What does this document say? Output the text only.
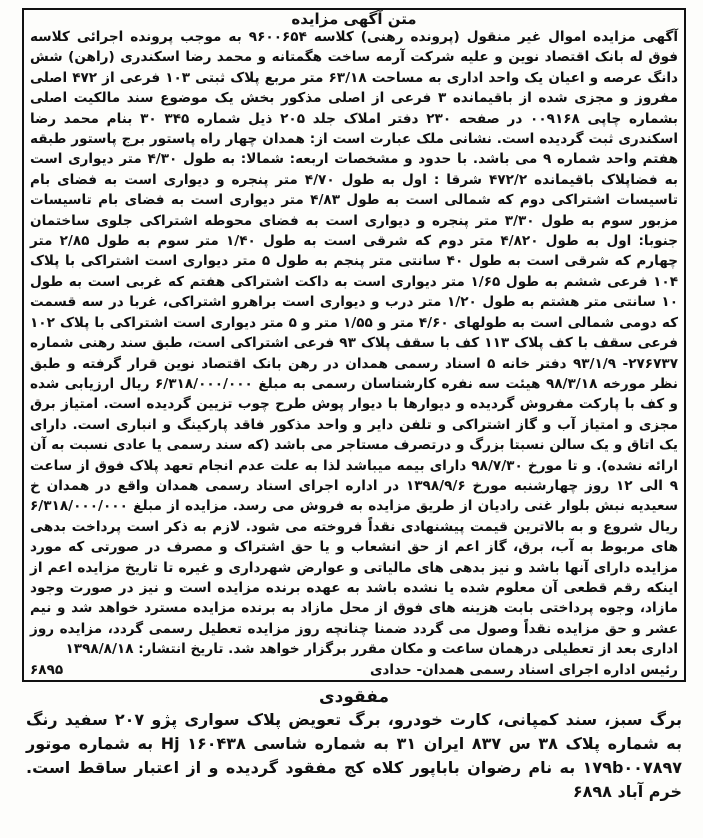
متن آگهی مزایده

آگهی مزایده اموال غیر منقول (پرونده رهنی) کلاسه ۹۶۰۰۶۵۴ به موجب پرونده اجرائی کلاسه فوق له بانک اقتصاد نوین و علیه شرکت آرمه ساخت هگمتانه و محمد رضا اسکندری (راهن) شش دانگ عرصه و اعیان یک واحد اداری به مساحت ۶۳/۱۸ متر مربع پلاک ثبتی ۱۰۳ فرعی از ۴۷۲ اصلی مفروز و مجزی شده از باقیمانده ۳ فرعی از اصلی مذکور بخش یک موضوع سند مالکیت اصلی بشماره چاپی ۰۰۹۱۶۸ در صفحه ۲۳۰ دفتر املاک جلد ۲۰۵ ذیل شماره ۳۴۵ ۳۰ بنام محمد رضا اسکندری ثبت گردیده است. نشانی ملک عبارت است از: همدان چهار راه پاستور برج پاستور طبقه هفتم واحد شماره ۹ می باشد. با حدود و مشخصات اربعه: شمالا: به طول ۴/۳۰ متر دیواری است به فضاپلاک باقیمانده ۴۷۲/۲ شرقا : اول به طول ۴/۷۰ متر پنجره و دیواری است به فضای بام تاسیسات اشتراکی دوم که شمالی است به طول ۴/۸۳ متر دیواری است به فضای بام تاسیسات مزبور سوم به طول ۳/۳۰ متر پنجره و دیواری است به فضای محوطه اشتراکی جلوی ساختمان جنوبا: اول به طول ۴/۸۲۰ متر دوم که شرقی است به طول ۱/۴۰ متر سوم به طول ۲/۸۵ متر چهارم که شرقی است به طول ۴۰ سانتی متر پنجم به طول ۵ متر دیواری است اشتراکی با پلاک ۱۰۴ فرعی ششم به طول ۱/۶۵ متر دیواری است به داکت اشتراکی هفتم که غربی است به طول ۱۰ سانتی متر هشتم به طول ۱/۲۰ متر درب و دیواری است براهرو اشتراکی، غربا در سه قسمت که دومی شمالی است به طولهای ۴/۶۰ متر و ۱/۵۵ متر و ۵ متر دیواری است اشتراکی با پلاک ۱۰۲ فرعی سقف با کف پلاک ۱۱۳ کف با سقف پلاک ۹۳ فرعی اشتراکی است، طبق سند رهنی شماره ۲۷۶۷۳۷- ۹۳/۱/۹ دفتر خانه ۵ اسناد رسمی همدان در رهن بانک اقتصاد نوین قرار گرفته و طبق نظر مورخه ۹۸/۳/۱۸ هیئت سه نفره کارشناسان رسمی به مبلغ ۶/۳۱۸/۰۰۰/۰۰۰ ریال ارزیابی شده و کف با پارکت مفروش گردیده و دیوارها با دیوار پوش طرح چوب تزیین گردیده است. امتیاز برق مجزی و امتیاز آب و گاز اشتراکی و تلفن دایر و واحد مذکور فاقد پارکینگ و انباری است. دارای یک اتاق و یک سالن نسبتا بزرگ و درتصرف مستاجر می باشد (که سند رسمی یا عادی نسبت به آن ارائه نشده). و تا مورخ ۹۸/۷/۳۰ دارای بیمه میباشد لذا به علت عدم انجام تعهد پلاک فوق از ساعت ۹ الی ۱۲ روز چهارشنبه مورخ ۱۳۹۸/۹/۶ در اداره اجرای اسناد رسمی همدان واقع در همدان خ سعیدیه نبش بلوار غنی رادیان از طریق مزایده به فروش می رسد. مزایده از مبلغ ۶/۳۱۸/۰۰۰/۰۰۰ ریال شروع و به بالاترین قیمت پیشنهادی نقداً فروخته می شود. لازم به ذکر است پرداخت بدهی های مربوط به آب، برق، گاز اعم از حق انشعاب و یا حق اشتراک و مصرف در صورتی که مورد مزایده دارای آنها باشد و نیز بدهی های مالیاتی و عوارض شهرداری و غیره تا تاریخ مزایده اعم از اینکه رقم قطعی آن معلوم شده یا نشده باشد به عهده برنده مزایده است و نیز در صورت وجود مازاد، وجوه پرداختی بابت هزینه های فوق از محل مازاد به برنده مزایده مسترد خواهد شد و نیم عشر و حق مزایده نقداً وصول می گردد ضمنا چنانچه روز مزایده تعطیل رسمی گردد، مزایده روز اداری بعد از تعطیلی درهمان ساعت و مکان مقرر برگزار خواهد شد. تاریخ انتشار: ۱۳۹۸/۸/۱۸

رئیس اداره اجرای اسناد رسمی همدان- حدادی
۶۸۹۵

مفقودی

برگ سبز، سند کمپانی، کارت خودرو، برگ تعویض پلاک سواری پژو ۲۰۷ سفید رنگ به شماره پلاک ۳۸ س ۸۳۷ ایران ۳۱ به شماره شاسی Hj ۱۶۰۴۳۸ به شماره موتور ۱۷۹b۰۰۷۸۹۷ به نام رضوان باباپور کلاه کج مفقود گردیده و از اعتبار ساقط است. خرم آباد ۶۸۹۸
